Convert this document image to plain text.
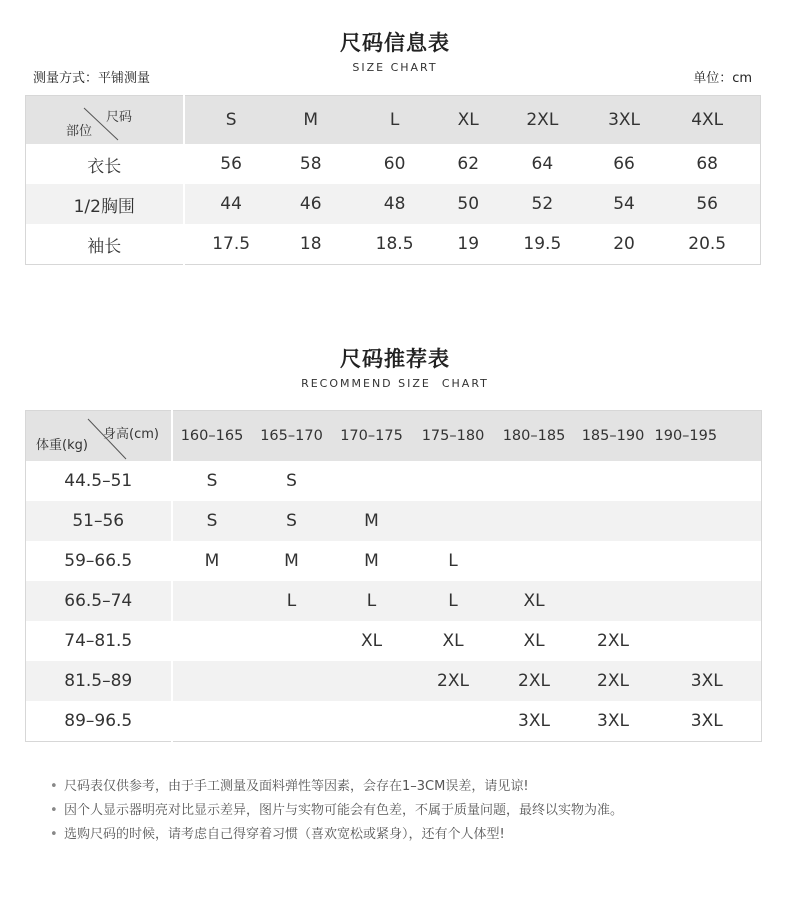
尺码信息表
SIZE CHART
测量方式：平铺测量	单位：cm
尺码
部位	S	M	L	XL	2XL	3XL	4XL
衣长	56	58	60	62	64	66	68
1/2胸围	44	46	48	50	52	54	56
袖长	17.5	18	18.5	19	19.5	20	20.5
尺码推荐表
RECOMMEND SIZE  CHART
身高(cm)
体重(kg)	160–165	165–170	170–175	175–180	180–185	185–190	190–195
44.5–51	S	S					
51–56	S	S	M				
59–66.5	M	M	M	L			
66.5–74		L	L	L	XL		
74–81.5			XL	XL	XL	2XL	
81.5–89				2XL	2XL	2XL	3XL
89–96.5					3XL	3XL	3XL
• 尺码表仅供参考，由于手工测量及面料弹性等因素，会存在1–3CM误差，请见谅!
• 因个人显示器明亮对比显示差异，图片与实物可能会有色差，不属于质量问题，最终以实物为准。
• 选购尺码的时候，请考虑自己得穿着习惯（喜欢宽松或紧身），还有个人体型!
